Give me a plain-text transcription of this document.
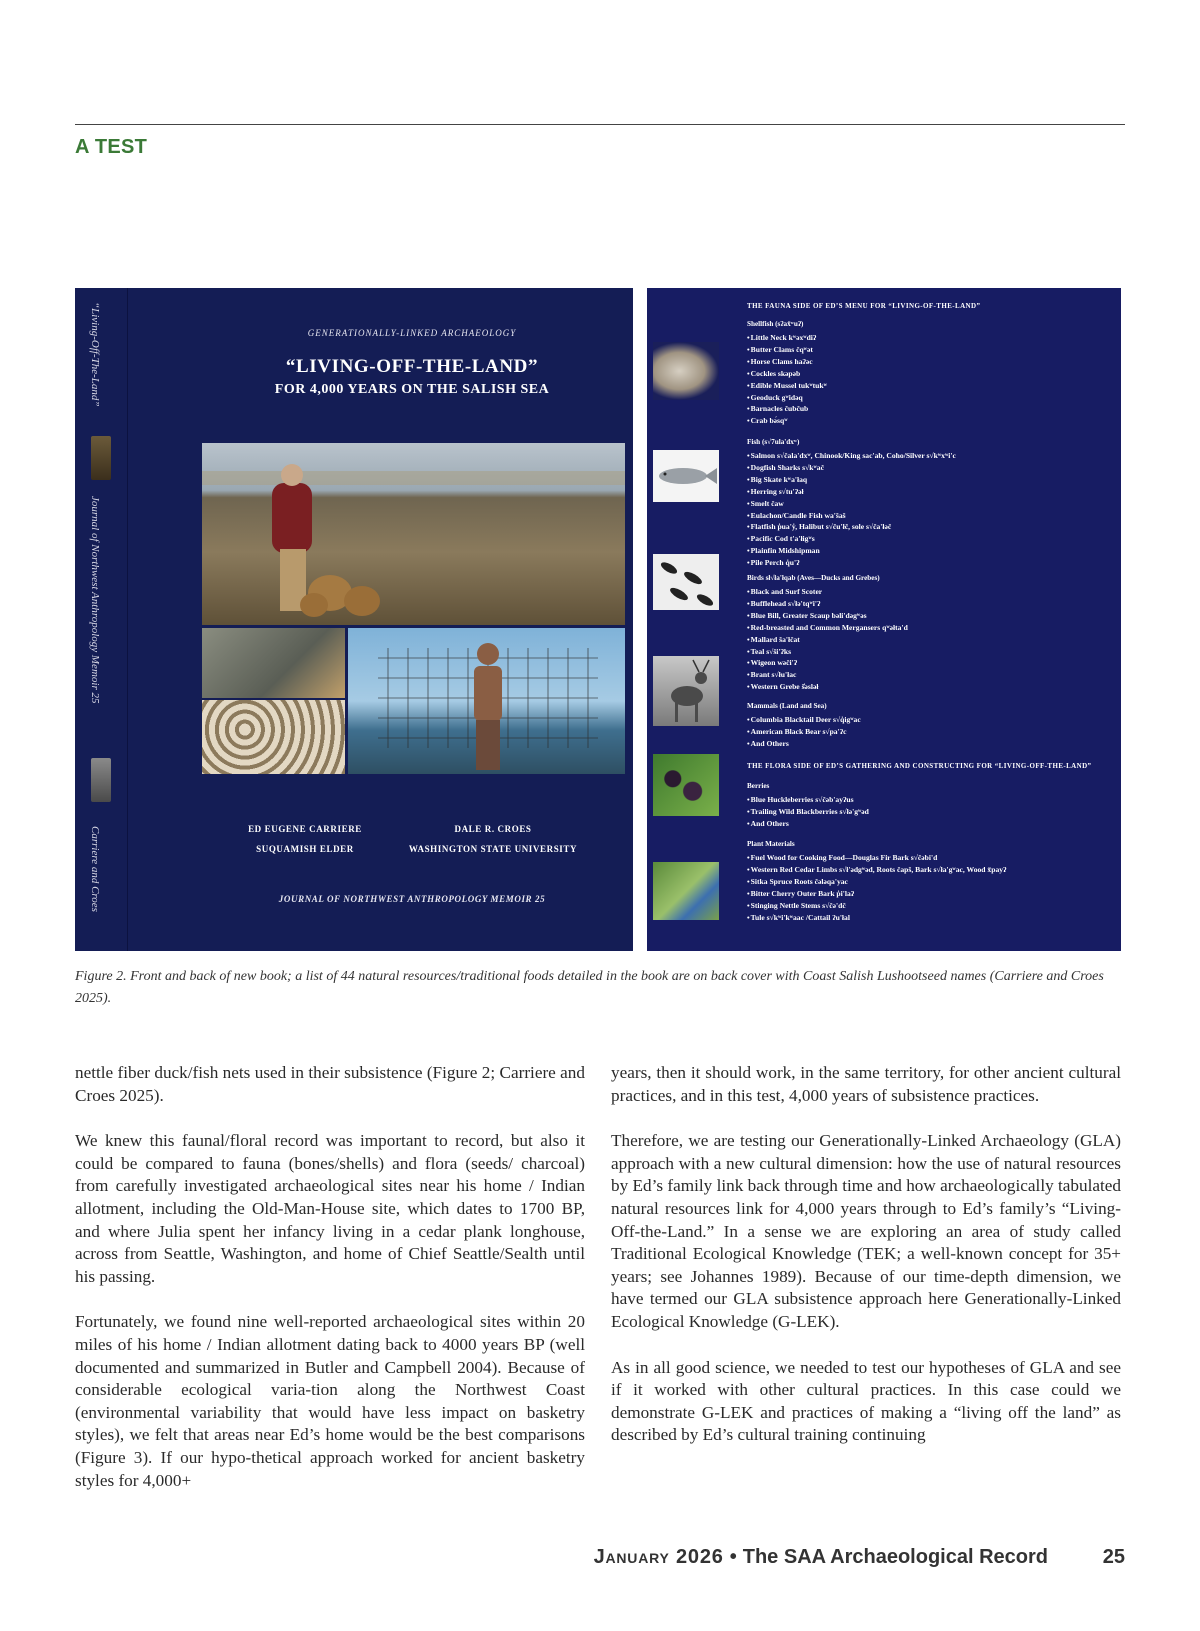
A TEST
“Living-Off-The-Land”
Journal of Northwest Anthropology Memoir 25
Carriere and Croes
GENERATIONALLY-LINKED ARCHAEOLOGY
“LIVING-OFF-THE-LAND”
FOR 4,000 YEARS ON THE SALISH SEA
ED EUGENE CARRIERE
SUQUAMISH ELDER
DALE R. CROES
WASHINGTON STATE UNIVERSITY
JOURNAL OF NORTHWEST ANTHROPOLOGY MEMOIR 25
THE FAUNA SIDE OF ED’S MENU FOR “LIVING-OF-THE-LAND”
Shellfish (sʔax̌ʷuʔ)
• Little Neck kʷəxʷdiʔ
• Butter Clams čqʷət
• Horse Clams haʔəc
• Cockles skəpəb
• Edible Mussel tukʷtukʷ
• Geoduck gʷidəq
• Barnacles čubčub
• Crab bə́sqʷ
Fish (s√7ula'dxʷ)
• Salmon s√čala'dxʷ, Chinook/King sac'ab, Coho/Silver s√kʷxʷi'c
• Dogfish Sharks s√kʷač
• Big Skate kʷa'łaq
• Herring s√tu'ʔəł
• Smelt čaw
• Eulachon/Candle Fish wa'šaš
• Flatfish p̓ua'y̓, Halibut s√ču'łč, sole s√ča'łəč
• Pacific Cod t'a'łigʷs
• Plainfin Midshipman
• Pile Perch q̓u'ʔ
Birds sł√ła'łqab (Aves—Ducks and Grebes)
• Black and Surf Scoter
• Bufflehead s√łə'tqʷi'ʔ
• Blue Bill, Greater Scaup bəli'dəgʷəs
• Red-breasted and Common Mergansers qʷəłta'd
• Mallard ša'łčat
• Teal s√ši'ʔks
• Wigeon wəči'ʔ
• Brant s√łu'łac
• Western Grebe š̓əsləł
Mammals (Land and Sea)
• Columbia Blacktail Deer s√q̓igʷac
• American Black Bear s√pa'ʔc
• And Others
THE FLORA SIDE OF ED’S GATHERING AND CONSTRUCTING FOR “LIVING-OFF-THE-LAND”
Berries
• Blue Huckleberries s√čəb'ayʔus
• Trailing Wild Blackberries s√łə'gʷəd
• And Others
Plant Materials
• Fuel Wood for Cooking Food—Douglas Fir Bark s√čəbi'd
• Western Red Cedar Limbs s√ł'ədgʷəd, Roots čapš, Bark s√ła'gʷac, Wood x̌payʔ
• Sitka Spruce Roots čələqa'yac
• Bitter Cherry Outer Bark p̓i'laʔ
• Stinging Nettle Stems s√čə'dč
• Tule s√kʷi'kʷaac /Cattail ʔu'łal
Figure 2. Front and back of new book; a list of 44 natural resources/traditional foods detailed in the book are on back cover with Coast Salish Lushootseed names (Carriere and Croes 2025).

nettle fiber duck/fish nets used in their subsistence (Figure 2; Carriere and Croes 2025).

We knew this faunal/floral record was important to record, but also it could be compared to fauna (bones/shells) and flora (seeds/ charcoal) from carefully investigated archaeological sites near his home / Indian allotment, including the Old-Man-House site, which dates to 1700 BP, and where Julia spent her infancy living in a cedar plank longhouse, across from Seattle, Washington, and home of Chief Seattle/Sealth until his passing.

Fortunately, we found nine well-reported archaeological sites within 20 miles of his home / Indian allotment dating back to 4000 years BP (well documented and summarized in Butler and Campbell 2004). Because of considerable ecological varia-tion along the Northwest Coast (environmental variability that would have less impact on basketry styles), we felt that areas near Ed’s home would be the best comparisons (Figure 3). If our hypo-thetical approach worked for ancient basketry styles for 4,000+

years, then it should work, in the same territory, for other ancient cultural practices, and in this test, 4,000 years of subsistence practices.

Therefore, we are testing our Generationally-Linked Archaeology (GLA) approach with a new cultural dimension: how the use of natural resources by Ed’s family link back through time and how archaeologically tabulated natural resources link for 4,000 years through to Ed’s family’s “Living-Off-the-Land.” In a sense we are exploring an area of study called Traditional Ecological Knowledge (TEK; a well-known concept for 35+ years; see Johannes 1989). Because of our time-depth dimension, we have termed our GLA subsistence approach here Generationally-Linked Ecological Knowledge (G-LEK).

As in all good science, we needed to test our hypotheses of GLA and see if it worked with other cultural practices. In this case could we demonstrate G-LEK and practices of making a “living off the land” as described by Ed’s cultural training continuing

January 2026 • The SAA Archaeological Record	25
